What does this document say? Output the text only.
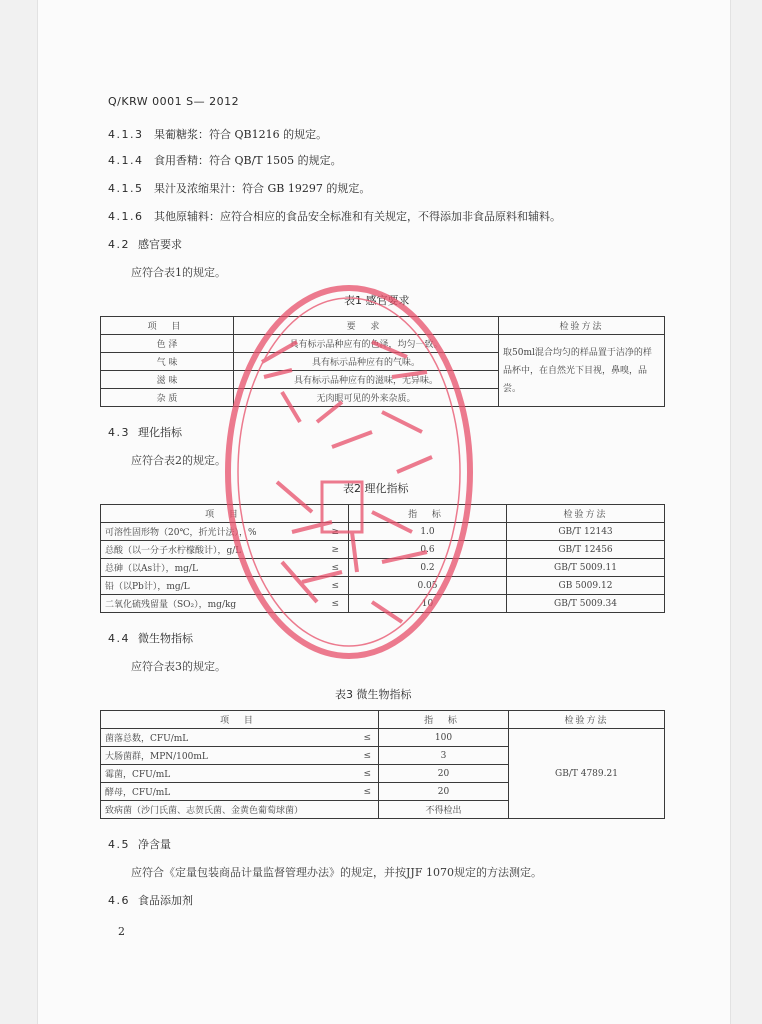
Q/KRW 0001 S— 2012
4.1.3 果葡糖浆：符合 QB1216 的规定。
4.1.4 食用香精：符合 QB/T 1505 的规定。
4.1.5 果汁及浓缩果汁：符合 GB 19297 的规定。
4.1.6 其他原辅料：应符合相应的食品安全标准和有关规定，不得添加非食品原料和辅料。
4.2 感官要求
应符合表1的规定。
表1 感官要求
项 目	要 求	检验方法
色 泽	具有标示品种应有的色泽，均匀一致。	取50ml混合均匀的样品置于洁净的样品杯中，在自然光下目视，鼻嗅，品尝。
气 味	具有标示品种应有的气味。	
滋 味	具有标示品种应有的滋味，无异味。	
杂 质	无肉眼可见的外来杂质。	
4.3 理化指标
应符合表2的规定。
表2 理化指标
项 目		指 标	检验方法
可溶性固形物（20℃，折光计法），%	≥	1.0	GB/T 12143
总酸（以一分子水柠檬酸计），g/L	≥	0.6	GB/T 12456
总砷（以As计），mg/L	≤	0.2	GB/T 5009.11
铅（以Pb计），mg/L	≤	0.05	GB 5009.12
二氧化硫残留量（SO₂），mg/kg	≤	10	GB/T 5009.34
4.4 微生物指标
应符合表3的规定。
表3 微生物指标
项 目		指 标	检验方法
菌落总数，CFU/mL	≤	100	GB/T 4789.21
大肠菌群，MPN/100mL	≤	3	
霉菌，CFU/mL	≤	20	
酵母，CFU/mL	≤	20	
致病菌（沙门氏菌、志贺氏菌、金黄色葡萄球菌）		不得检出	
4.5 净含量
应符合《定量包装商品计量监督管理办法》的规定，并按JJF 1070规定的方法测定。
4.6 食品添加剂
2
